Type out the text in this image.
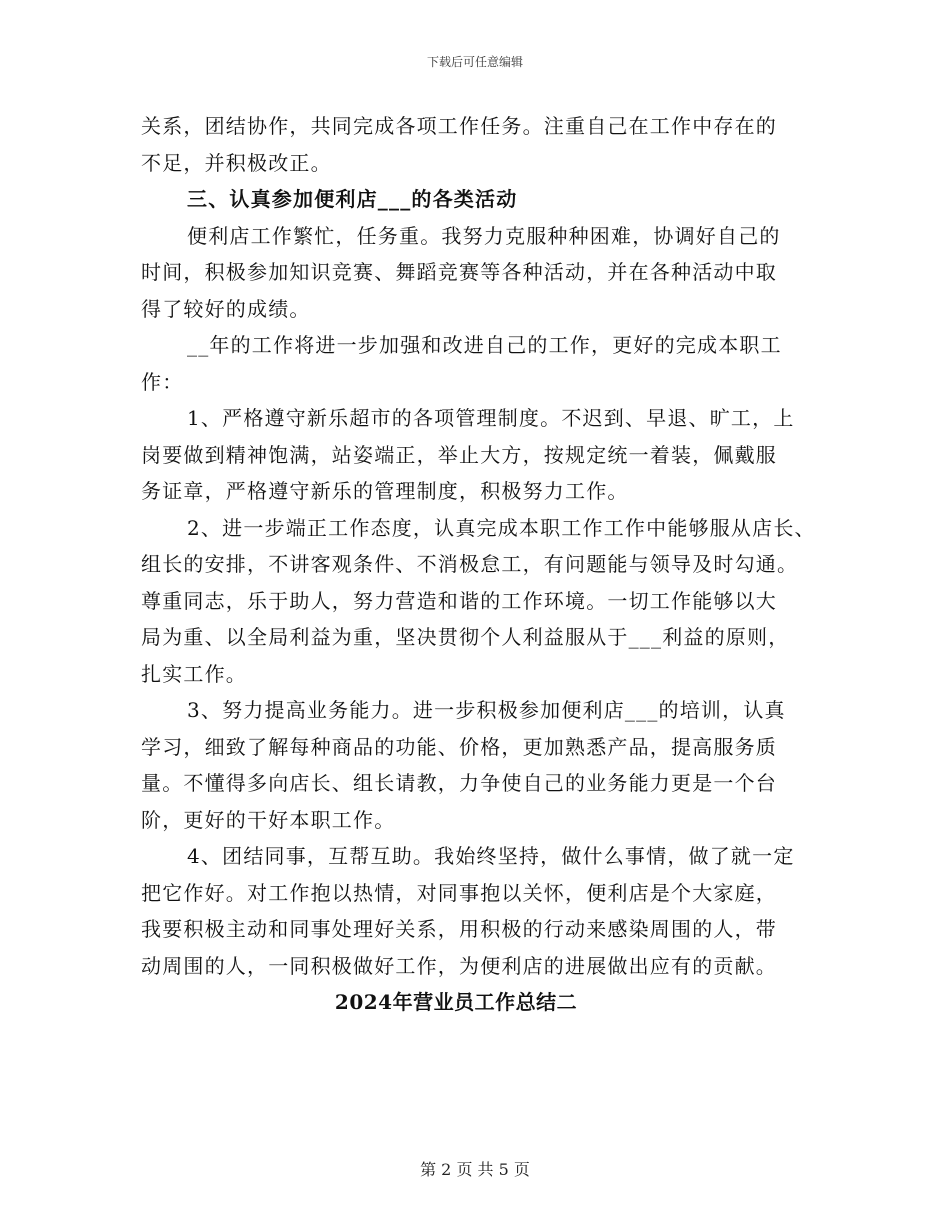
下载后可任意编辑
关系，团结协作，共同完成各项工作任务。注重自己在工作中存在的
不足，并积极改正。
三、认真参加便利店___的各类活动
便利店工作繁忙，任务重。我努力克服种种困难，协调好自己的
时间，积极参加知识竞赛、舞蹈竞赛等各种活动，并在各种活动中取
得了较好的成绩。
__年的工作将进一步加强和改进自己的工作，更好的完成本职工
作：
1、严格遵守新乐超市的各项管理制度。不迟到、早退、旷工，上
岗要做到精神饱满，站姿端正，举止大方，按规定统一着装，佩戴服
务证章，严格遵守新乐的管理制度，积极努力工作。
2、进一步端正工作态度，认真完成本职工作工作中能够服从店长、
组长的安排，不讲客观条件、不消极怠工，有问题能与领导及时勾通。
尊重同志，乐于助人，努力营造和谐的工作环境。一切工作能够以大
局为重、以全局利益为重，坚决贯彻个人利益服从于___利益的原则，
扎实工作。
3、努力提高业务能力。进一步积极参加便利店___的培训，认真
学习，细致了解每种商品的功能、价格，更加熟悉产品，提高服务质
量。不懂得多向店长、组长请教，力争使自己的业务能力更是一个台
阶，更好的干好本职工作。
4、团结同事，互帮互助。我始终坚持，做什么事情，做了就一定
把它作好。对工作抱以热情，对同事抱以关怀，便利店是个大家庭，
我要积极主动和同事处理好关系，用积极的行动来感染周围的人，带
动周围的人，一同积极做好工作，为便利店的进展做出应有的贡献。
2024年营业员工作总结二
第 2 页 共 5 页
